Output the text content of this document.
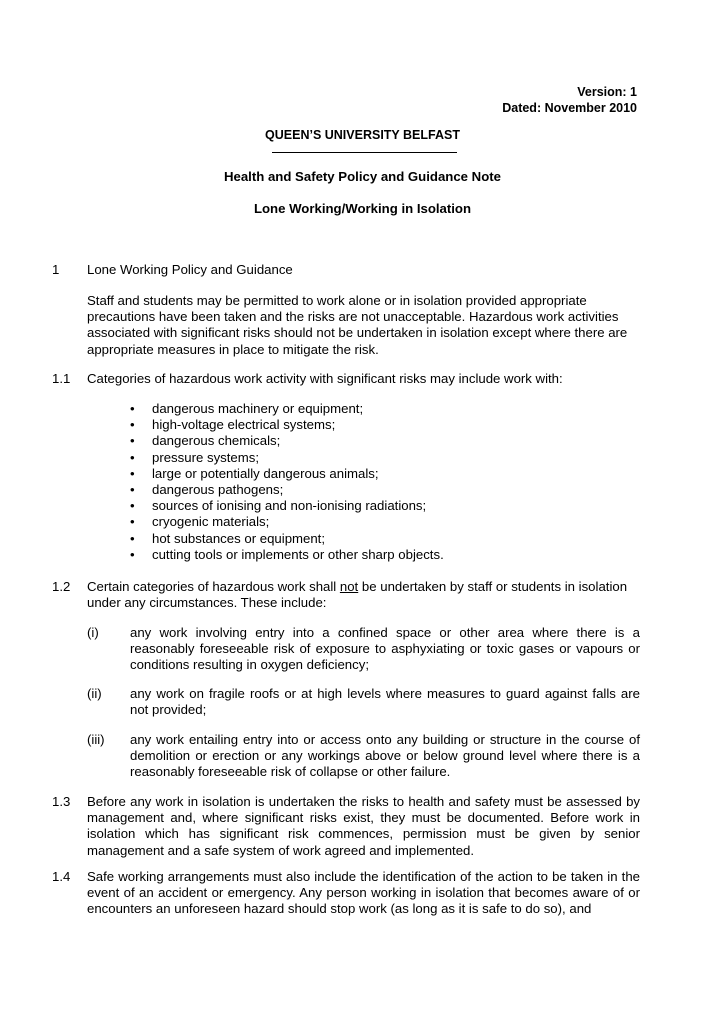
Version: 1
Dated: November 2010
QUEEN’S UNIVERSITY BELFAST
Health and Safety Policy and Guidance Note
Lone Working/Working in Isolation
1 Lone Working Policy and Guidance
Staff and students may be permitted to work alone or in isolation provided appropriate precautions have been taken and the risks are not unacceptable. Hazardous work activities associated with significant risks should not be undertaken in isolation except where there are appropriate measures in place to mitigate the risk.
1.1 Categories of hazardous work activity with significant risks may include work with:
• dangerous machinery or equipment;
• high-voltage electrical systems;
• dangerous chemicals;
• pressure systems;
• large or potentially dangerous animals;
• dangerous pathogens;
• sources of ionising and non-ionising radiations;
• cryogenic materials;
• hot substances or equipment;
• cutting tools or implements or other sharp objects.
1.2 Certain categories of hazardous work shall not be undertaken by staff or students in isolation under any circumstances. These include:
(i) any work involving entry into a confined space or other area where there is a reasonably foreseeable risk of exposure to asphyxiating or toxic gases or vapours or conditions resulting in oxygen deficiency;
(ii) any work on fragile roofs or at high levels where measures to guard against falls are not provided;
(iii) any work entailing entry into or access onto any building or structure in the course of demolition or erection or any workings above or below ground level where there is a reasonably foreseeable risk of collapse or other failure.
1.3 Before any work in isolation is undertaken the risks to health and safety must be assessed by management and, where significant risks exist, they must be documented. Before work in isolation which has significant risk commences, permission must be given by senior management and a safe system of work agreed and implemented.
1.4 Safe working arrangements must also include the identification of the action to be taken in the event of an accident or emergency. Any person working in isolation that becomes aware of or encounters an unforeseen hazard should stop work (as long as it is safe to do so), and
